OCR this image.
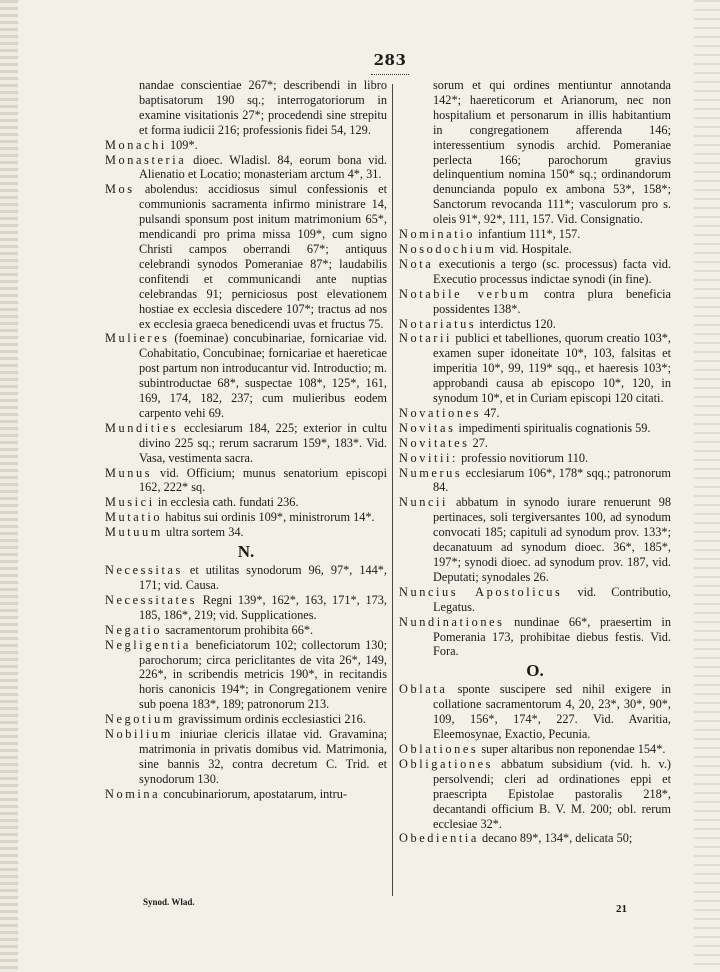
283

nandae conscientiae 267*; describendi in libro baptisatorum 190 sq.; interrogatoriorum in examine visitationis 27*; procedendi sine strepitu et forma iudicii 216; professionis fidei 54, 129.

Monachi 109*.

Monasteria dioec. Wladisl. 84, eorum bona vid. Alienatio et Locatio; monasteriam arctum 4*, 31.

Mos abolendus: accidiosus simul confessionis et communionis sacramenta infirmo ministrare 14, pulsandi sponsum post initum matrimonium 65*, mendicandi pro prima missa 109*, cum signo Christi campos oberrandi 67*; antiquus celebrandi synodos Pomeraniae 87*; laudabilis confitendi et communicandi ante nuptias celebrandas 91; perniciosus post elevationem hostiae ex ecclesia discedere 107*; tractus ad nos ex ecclesia graeca benedicendi uvas et fructus 75.

Mulieres (foeminae) concubinariae, fornicariae vid. Cohabitatio, Concubinae; fornicariae et haereticae post partum non introducantur vid. Introductio; m. subintroductae 68*, suspectae 108*, 125*, 161, 169, 174, 182, 237; cum mulieribus eodem carpento vehi 69.

Mundities ecclesiarum 184, 225; exterior in cultu divino 225 sq.; rerum sacrarum 159*, 183*. Vid. Vasa, vestimenta sacra.

Munus vid. Officium; munus senatorium episcopi 162, 222* sq.

Musici in ecclesia cath. fundati 236.

Mutatio habitus sui ordinis 109*, ministrorum 14*.

Mutuum ultra sortem 34.

N.

Necessitas et utilitas synodorum 96, 97*, 144*, 171; vid. Causa.

Necessitates Regni 139*, 162*, 163, 171*, 173, 185, 186*, 219; vid. Supplicationes.

Negatio sacramentorum prohibita 66*.

Negligentia beneficiatorum 102; collectorum 130; parochorum; circa periclitantes de vita 26*, 149, 226*, in scribendis metricis 190*, in recitandis horis canonicis 194*; in Congregationem venire sub poena 183*, 189; patronorum 213.

Negotium gravissimum ordinis ecclesiastici 216.

Nobilium iniuriae clericis illatae vid. Gravamina; matrimonia in privatis domibus vid. Matrimonia, sine bannis 32, contra decretum C. Trid. et synodorum 130.

Nomina concubinariorum, apostatarum, intru-

sorum et qui ordines mentiuntur annotanda 142*; haereticorum et Arianorum, nec non hospitalium et personarum in illis habitantium in congregationem afferenda 146; interessentium synodis archid. Pomeraniae perlecta 166; parochorum gravius delinquentium nomina 150* sq.; ordinandorum denuncianda populo ex ambona 53*, 158*; Sanctorum revocanda 111*; vasculorum pro s. oleis 91*, 92*, 111, 157. Vid. Consignatio.

Nominatio infantium 111*, 157.

Nosodochium vid. Hospitale.

Nota executionis a tergo (sc. processus) facta vid. Executio processus indictae synodi (in fine).

Notabile verbum contra plura beneficia possidentes 138*.

Notariatus interdictus 120.

Notarii publici et tabelliones, quorum creatio 103*, examen super idoneitate 10*, 103, falsitas et imperitia 10*, 99, 119* sqq., et haeresis 103*; approbandi causa ab episcopo 10*, 120, in synodum 10*, et in Curiam episcopi 120 citati.

Novationes 47.

Novitas impedimenti spiritualis cognationis 59.

Novitates 27.

Novitii: professio novitiorum 110.

Numerus ecclesiarum 106*, 178* sqq.; patronorum 84.

Nuncii abbatum in synodo iurare renuerunt 98 pertinaces, soli tergiversantes 100, ad synodum convocati 185; capituli ad synodum prov. 133*; decanatuum ad synodum dioec. 36*, 185*, 197*; synodi dioec. ad synodum prov. 187, vid. Deputati; synodales 26.

Nuncius Apostolicus vid. Contributio, Legatus.

Nundinationes nundinae 66*, praesertim in Pomerania 173, prohibitae diebus festis. Vid. Fora.

O.

Oblata sponte suscipere sed nihil exigere in collatione sacramentorum 4, 20, 23*, 30*, 90*, 109, 156*, 174*, 227. Vid. Avaritia, Eleemosynae, Exactio, Pecunia.

Oblationes super altaribus non reponendae 154*.

Obligationes abbatum subsidium (vid. h. v.) persolvendi; cleri ad ordinationes eppi et praescripta Epistolae pastoralis 218*, decantandi officium B. V. M. 200; obl. rerum ecclesiae 32*.

Obedientia decano 89*, 134*, delicata 50;

Synod. Wlad.
21
